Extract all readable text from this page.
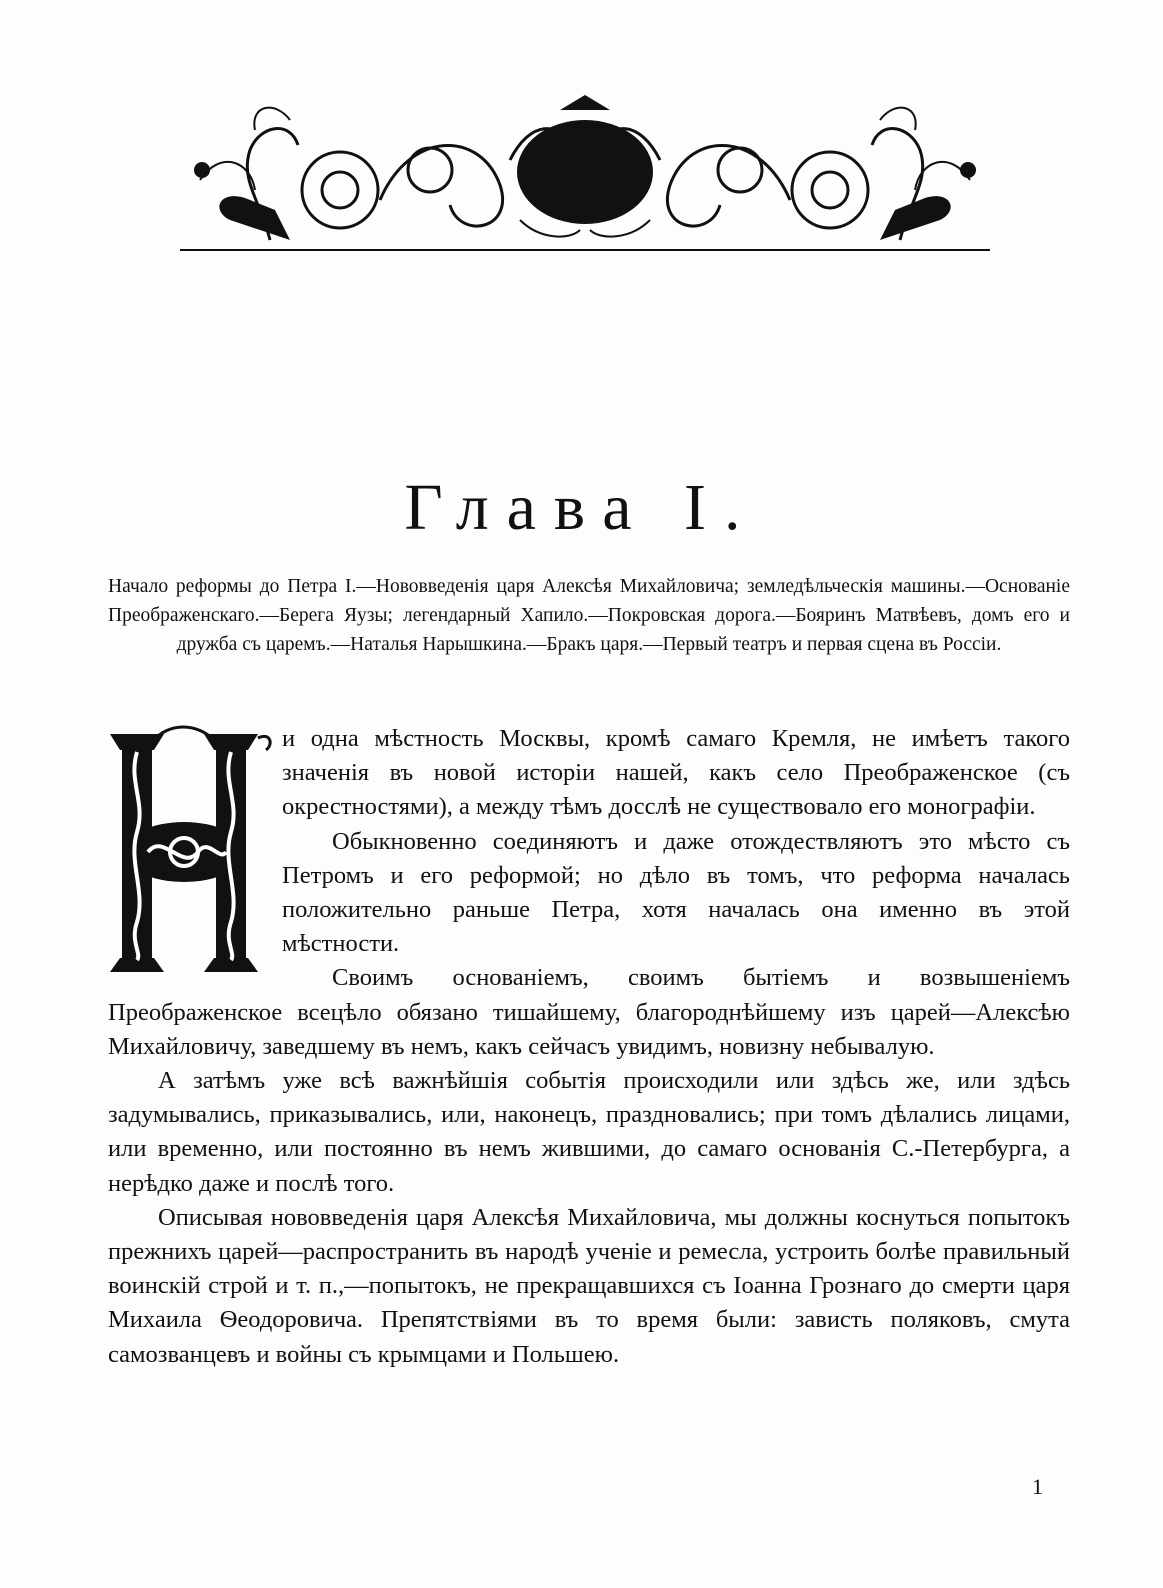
Глава I.

Начало реформы до Петра I.—Нововведенія царя Алексѣя Михайловича; земледѣльческія машины.—Основаніе Преображенскаго.—Берега Яузы; легендарный Хапило.—Покровская дорога.—Бояринъ Матвѣевъ, домъ его и дружба съ царемъ.—Наталья Нарышкина.—Бракъ царя.—Первый театръ и первая сцена въ Россіи.

и одна мѣстность Москвы, кромѣ самаго Кремля, не имѣетъ такого значенія въ новой исторіи нашей, какъ село Преображенское (съ окрестностями), а между тѣмъ досслѣ не существовало его монографіи.

Обыкновенно соединяютъ и даже отождествляютъ это мѣсто съ Петромъ и его реформой; но дѣло въ томъ, что реформа началась положительно раньше Петра, хотя началась она именно въ этой мѣстности.

Своимъ основаніемъ, своимъ бытіемъ и возвышеніемъ Преображенское всецѣло обязано тишайшему, благороднѣйшему изъ царей—Алексѣю Михайловичу, заведшему въ немъ, какъ сейчасъ увидимъ, новизну небывалую.

А затѣмъ уже всѣ важнѣйшія событія происходили или здѣсь же, или здѣсь задумывались, приказывались, или, наконецъ, праздновались; при томъ дѣлались лицами, или временно, или постоянно въ немъ жившими, до самаго основанія С.-Петербурга, а нерѣдко даже и послѣ того.

Описывая нововведенія царя Алексѣя Михайловича, мы должны коснуться попытокъ прежнихъ царей—распространить въ народѣ ученіе и ремесла, устроить болѣе правильный воинскій строй и т. п.,—попытокъ, не прекращавшихся съ Іоанна Грознаго до смерти царя Михаила Ѳеодоровича. Препятствіями въ то время были: зависть поляковъ, смута самозванцевъ и войны съ крымцами и Польшею.

1
